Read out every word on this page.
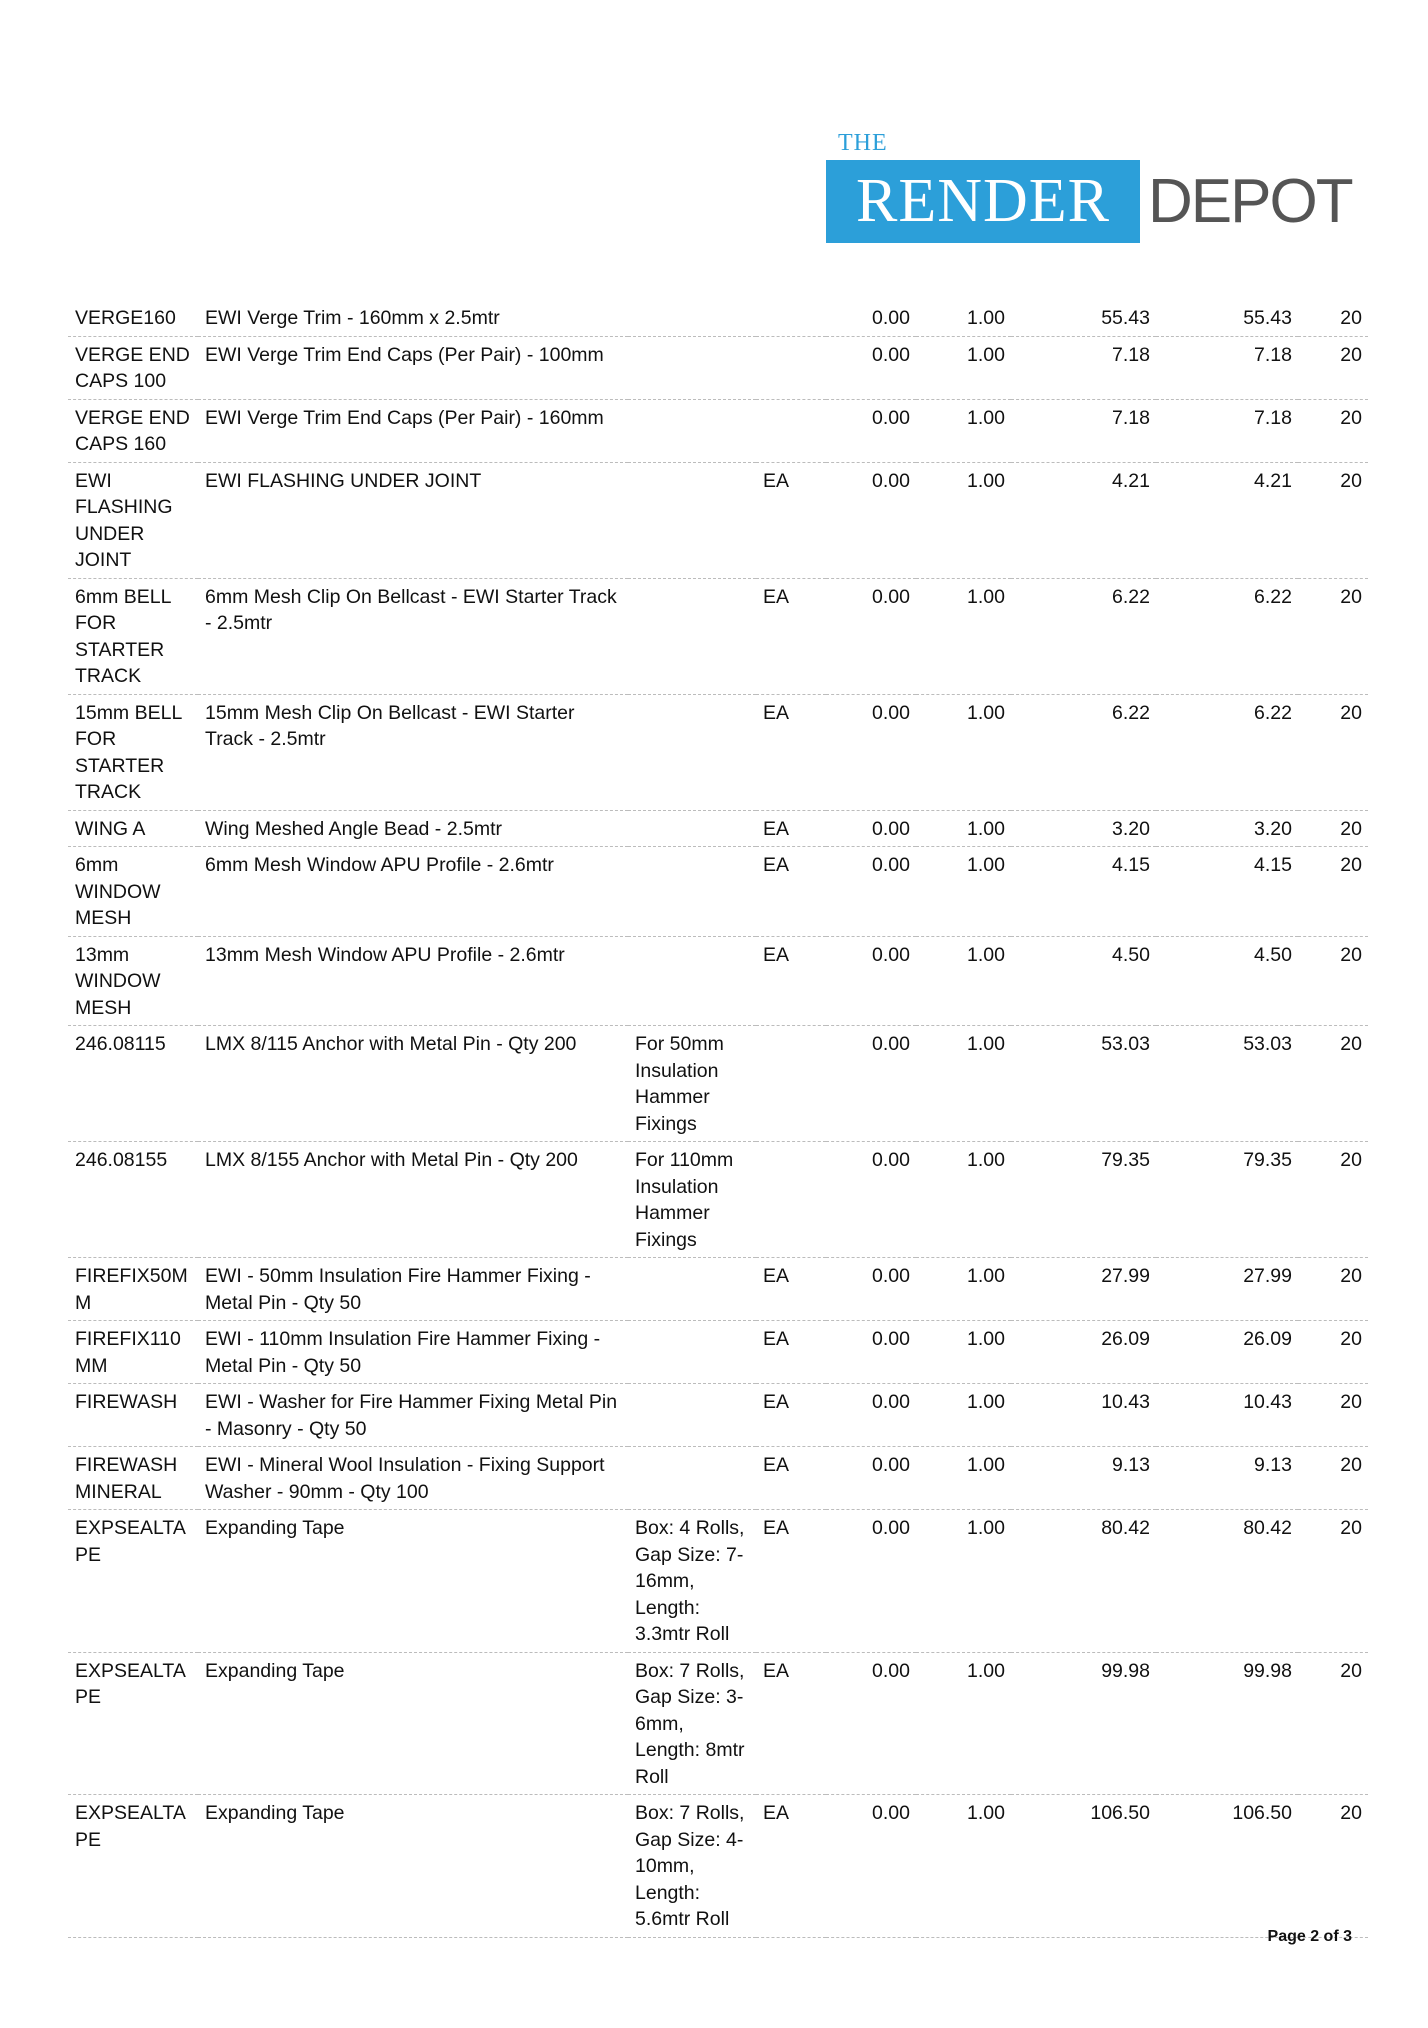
THE
RENDER DEPOT
VERGE160	EWI Verge Trim - 160mm x 2.5mtr			0.00	1.00	55.43	55.43	20
VERGE END CAPS 100	EWI Verge Trim End Caps (Per Pair) - 100mm			0.00	1.00	7.18	7.18	20
VERGE END CAPS 160	EWI Verge Trim End Caps (Per Pair) - 160mm			0.00	1.00	7.18	7.18	20
EWI FLASHING UNDER JOINT	EWI FLASHING UNDER JOINT		EA	0.00	1.00	4.21	4.21	20
6mm BELL FOR STARTER TRACK	6mm Mesh Clip On Bellcast - EWI Starter Track - 2.5mtr		EA	0.00	1.00	6.22	6.22	20
15mm BELL FOR STARTER TRACK	15mm Mesh Clip On Bellcast - EWI Starter Track - 2.5mtr		EA	0.00	1.00	6.22	6.22	20
WING A	Wing Meshed Angle Bead - 2.5mtr		EA	0.00	1.00	3.20	3.20	20
6mm WINDOW MESH	6mm Mesh Window APU Profile - 2.6mtr		EA	0.00	1.00	4.15	4.15	20
13mm WINDOW MESH	13mm Mesh Window APU Profile - 2.6mtr		EA	0.00	1.00	4.50	4.50	20
246.08115	LMX 8/115 Anchor with Metal Pin - Qty 200	For 50mm Insulation Hammer Fixings		0.00	1.00	53.03	53.03	20
246.08155	LMX 8/155 Anchor with Metal Pin - Qty 200	For 110mm Insulation Hammer Fixings		0.00	1.00	79.35	79.35	20
FIREFIX50MM	EWI - 50mm Insulation Fire Hammer Fixing - Metal Pin - Qty 50		EA	0.00	1.00	27.99	27.99	20
FIREFIX110MM	EWI - 110mm Insulation Fire Hammer Fixing - Metal Pin - Qty 50		EA	0.00	1.00	26.09	26.09	20
FIREWASH	EWI - Washer for Fire Hammer Fixing Metal Pin - Masonry - Qty 50		EA	0.00	1.00	10.43	10.43	20
FIREWASHMINERAL	EWI - Mineral Wool Insulation - Fixing Support Washer - 90mm - Qty 100		EA	0.00	1.00	9.13	9.13	20
EXPSEALTAPE	Expanding Tape	Box: 4 Rolls, Gap Size: 7-16mm, Length: 3.3mtr Roll	EA	0.00	1.00	80.42	80.42	20
EXPSEALTAPE	Expanding Tape	Box: 7 Rolls, Gap Size: 3-6mm, Length: 8mtr Roll	EA	0.00	1.00	99.98	99.98	20
EXPSEALTAPE	Expanding Tape	Box: 7 Rolls, Gap Size: 4-10mm, Length: 5.6mtr Roll	EA	0.00	1.00	106.50	106.50	20
Page 2 of 3
